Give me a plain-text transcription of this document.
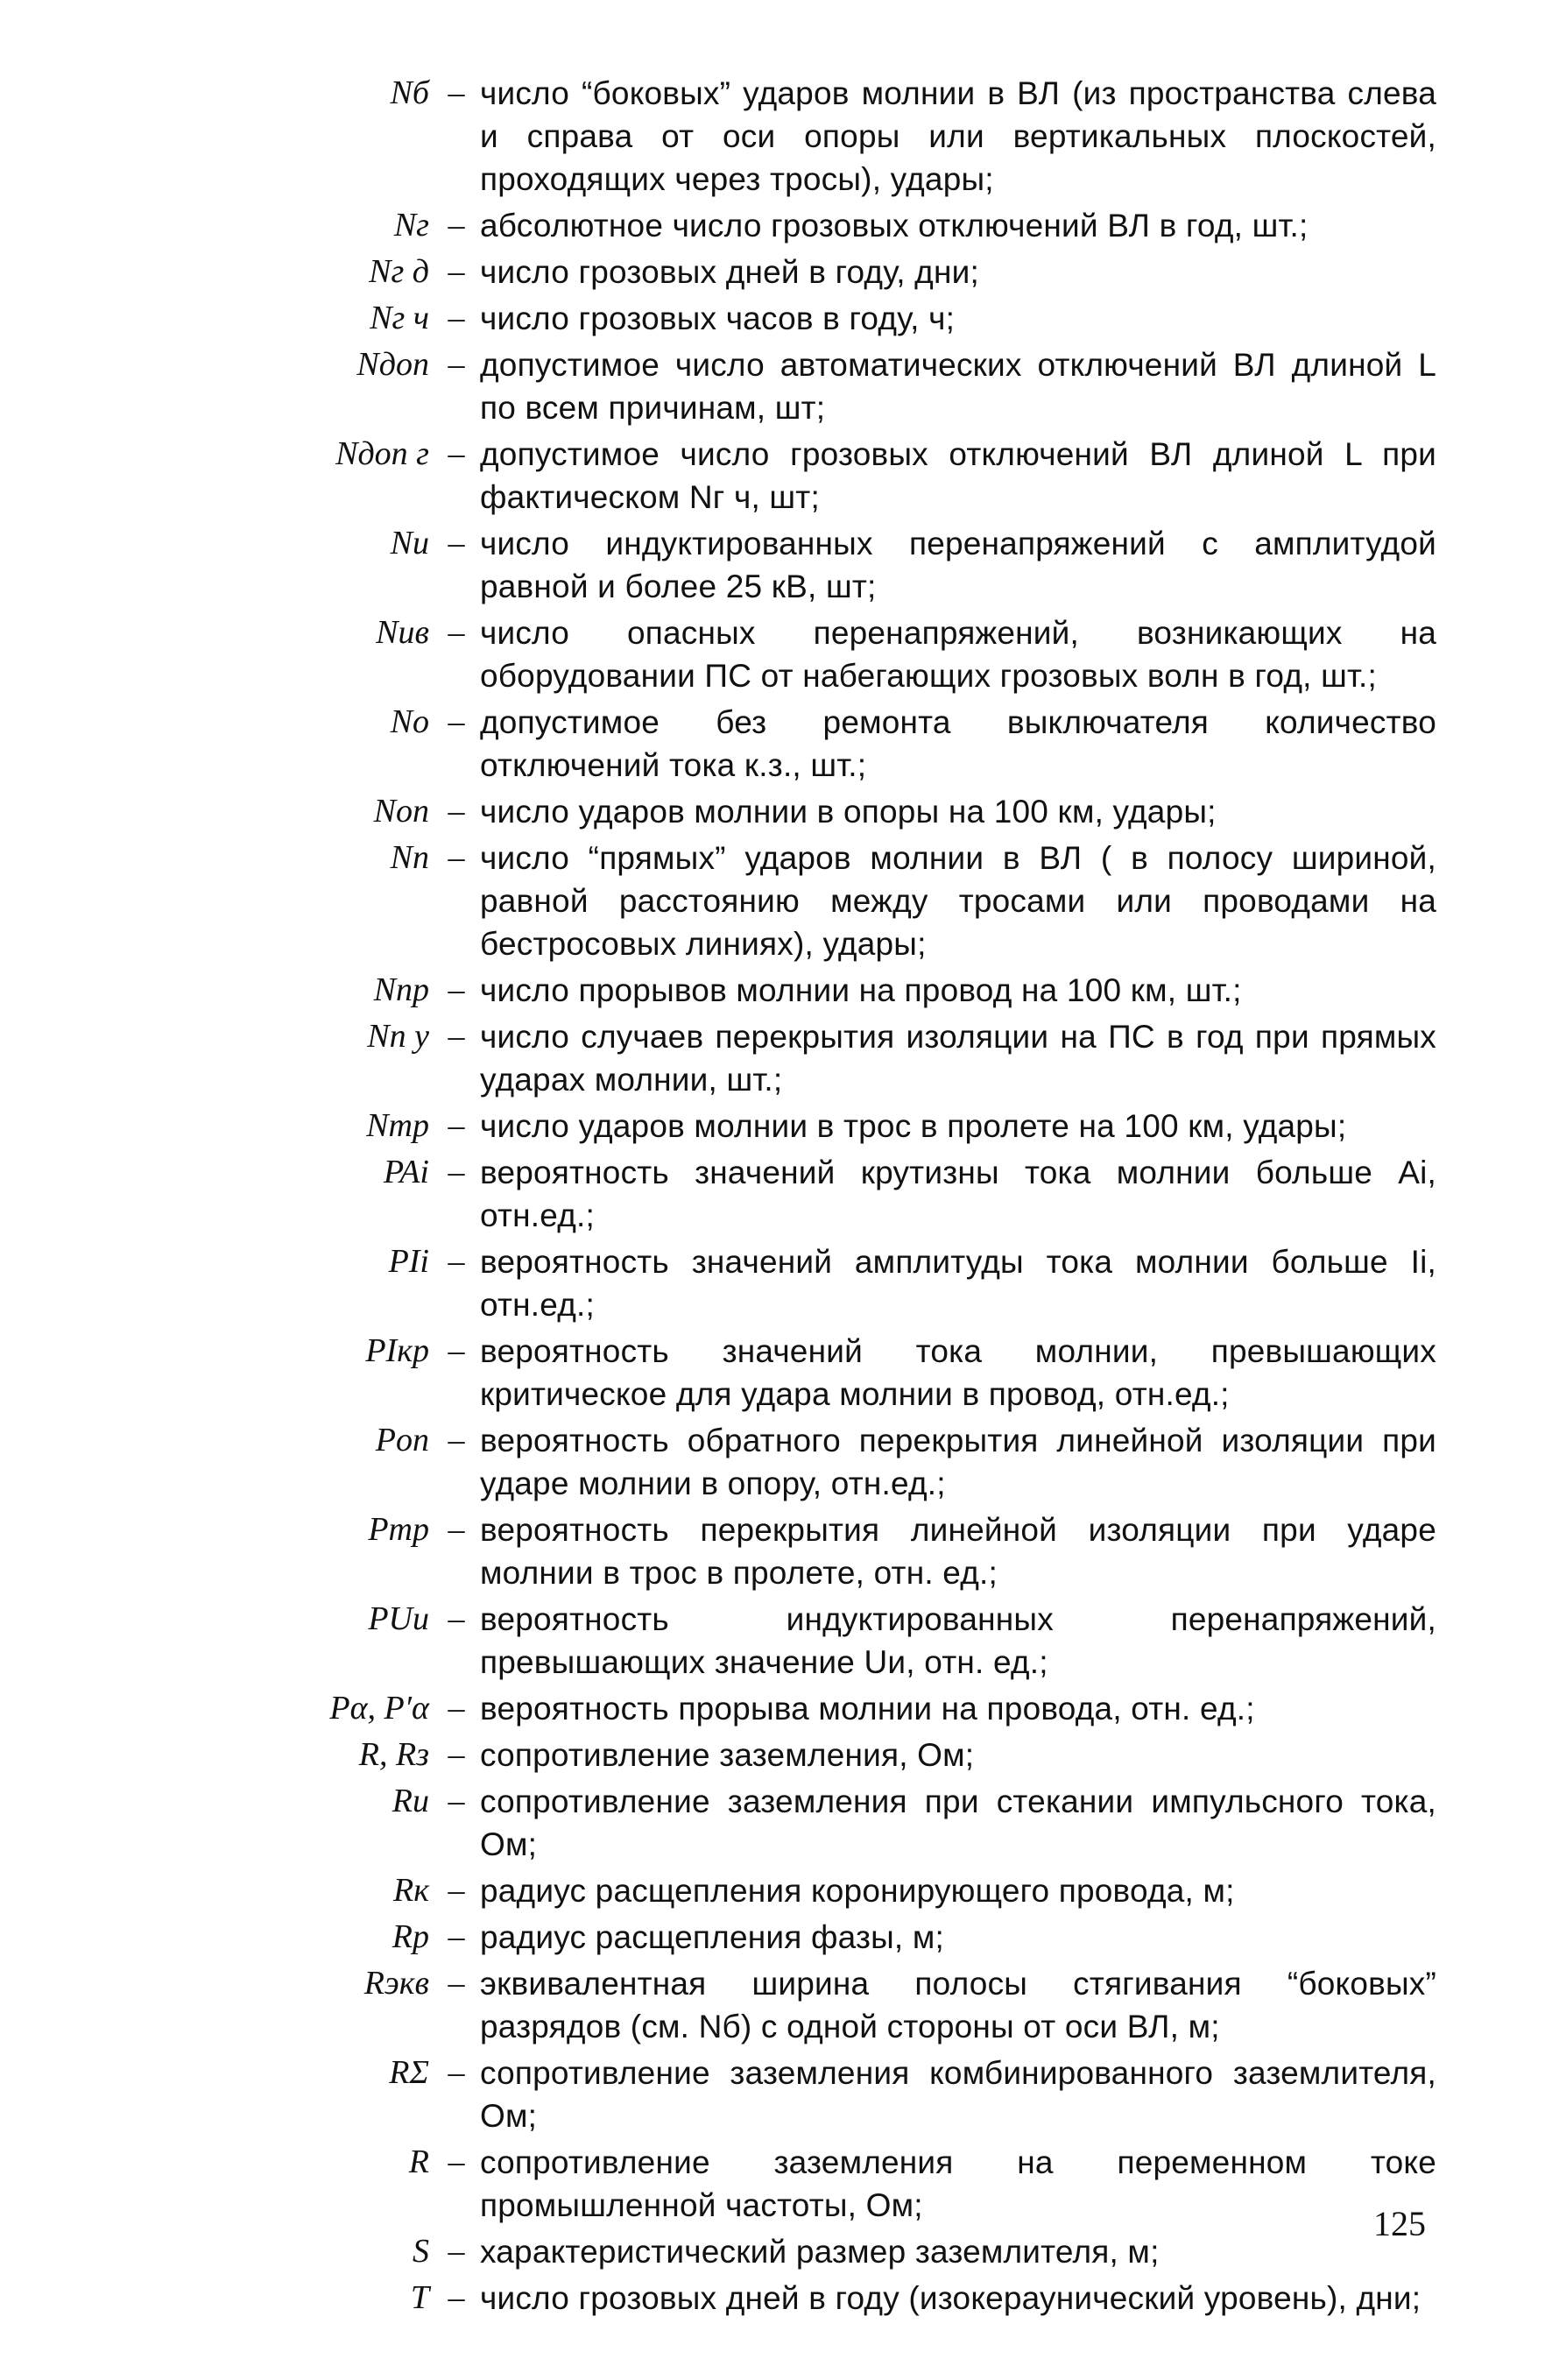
Nб – число “боковых” ударов молнии в ВЛ (из пространства слева и справа от оси опоры или вертикальных плоскостей, проходящих через тросы), удары;
Nг – абсолютное число грозовых отключений ВЛ в год, шт.;
Nг д – число грозовых дней в году, дни;
Nг ч – число грозовых часов в году, ч;
Nдоп – допустимое число автоматических отключений ВЛ длиной L по всем причинам, шт;
Nдоп г – допустимое число грозовых отключений ВЛ длиной L при фактическом Nг ч, шт;
Nи – число индуктированных перенапряжений с амплитудой равной и более 25 кВ, шт;
Nив – число опасных перенапряжений, возникающих на оборудовании ПС от набегающих грозовых волн в год, шт.;
No – допустимое без ремонта выключателя количество отключений тока к.з., шт.;
Nоп – число ударов молнии в опоры на 100 км, удары;
Nп – число “прямых” ударов молнии в ВЛ ( в полосу шириной, равной расстоянию между тросами или проводами на бестросовых линиях), удары;
Nпр – число прорывов молнии на провод на 100 км, шт.;
Nп у – число случаев перекрытия изоляции на ПС в год при прямых ударах молнии, шт.;
Nтр – число ударов молнии в трос в пролете на 100 км, удары;
PAi – вероятность значений крутизны тока молнии больше Ai, отн.ед.;
PIi – вероятность значений амплитуды тока молнии больше Ii, отн.ед.;
PIкр – вероятность значений тока молнии, превышающих критическое для удара молнии в провод, отн.ед.;
Pоп – вероятность обратного перекрытия линейной изоляции при ударе молнии в опору, отн.ед.;
Pтр – вероятность перекрытия линейной изоляции при ударе молнии в трос в пролете, отн. ед.;
PUи – вероятность индуктированных перенапряжений, превышающих значение Uи, отн. ед.;
Pα, P′α – вероятность прорыва молнии на провода, отн. ед.;
R, Rз – сопротивление заземления, Ом;
Rи – сопротивление заземления при стекании импульсного тока, Ом;
Rк – радиус расщепления коронирующего провода, м;
Rр – радиус расщепления фазы, м;
Rэкв – эквивалентная ширина полосы стягивания “боковых” разрядов (см. Nб) с одной стороны от оси ВЛ, м;
RΣ – сопротивление заземления комбинированного заземлителя, Ом;
R – сопротивление заземления на переменном токе промышленной частоты, Ом;
S – характеристический размер заземлителя, м;
T – число грозовых дней в году (изокераунический уровень), дни;
125
